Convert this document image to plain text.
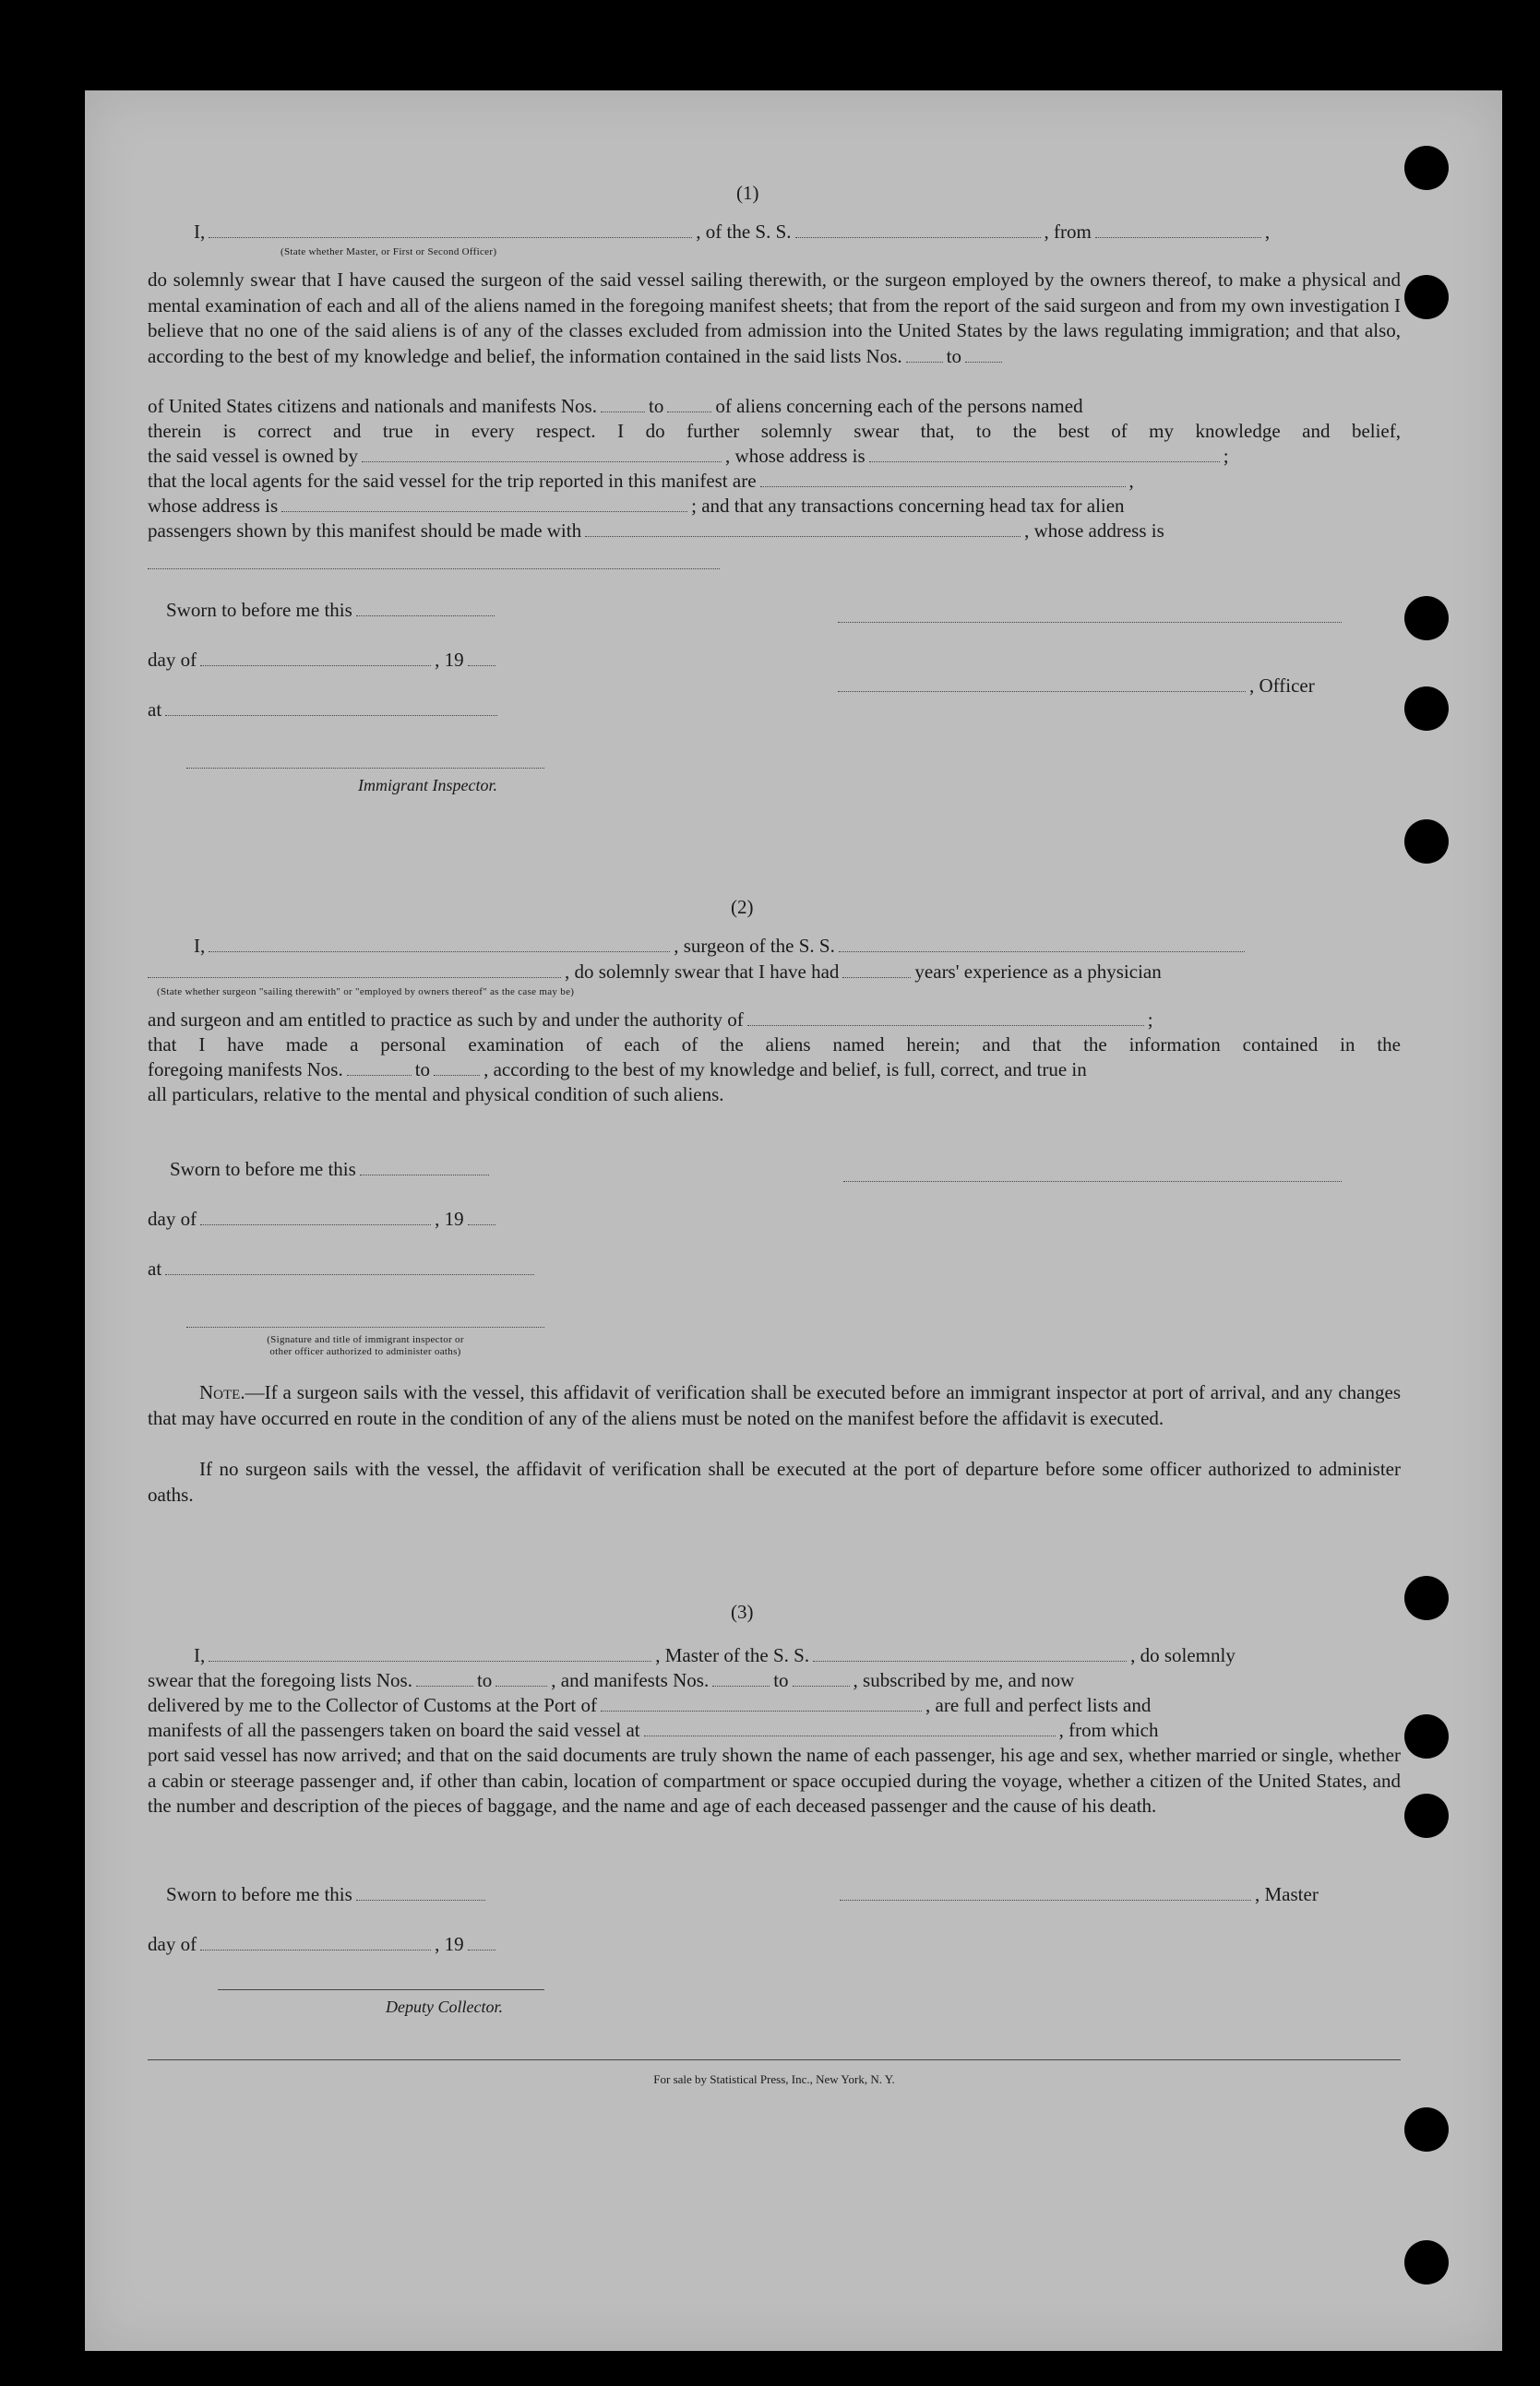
(1)
I,	, of the S. S.	, from	,
(State whether Master, or First or Second Officer)
do solemnly swear that I have caused the surgeon of the said vessel sailing therewith, or the surgeon employed by the owners thereof, to make a physical and mental examination of each and all of the aliens named in the foregoing manifest sheets; that from the report of the said surgeon and from my own investigation I believe that no one of the said aliens is of any of the classes excluded from admission into the United States by the laws regulating immigration; and that also, according to the best of my knowledge and belief, the information contained in the said lists Nos. to
of United States citizens and nationals and manifests Nos.	to	of aliens concerning each of the persons named
therein is correct and true in every respect. I do further solemnly swear that, to the best of my knowledge and belief,
the said vessel is owned by	, whose address is	;
that the local agents for the said vessel for the trip reported in this manifest are	,
whose address is	; and that any transactions concerning head tax for alien
passengers shown by this manifest should be made with	, whose address is
Sworn to before me this
day of	, 19
, Officer
at
Immigrant Inspector.
(2)
I,	, surgeon of the S. S.
, do solemnly swear that I have had	years' experience as a physician
(State whether surgeon "sailing therewith" or "employed by owners thereof" as the case may be)
and surgeon and am entitled to practice as such by and under the authority of	;
that I have made a personal examination of each of the aliens named herein; and that the information contained in the
foregoing manifests Nos.	to	, according to the best of my knowledge and belief, is full, correct, and true in
all particulars, relative to the mental and physical condition of such aliens.
Sworn to before me this
day of	, 19
at
(Signature and title of immigrant inspector or
other officer authorized to administer oaths)
Note.—If a surgeon sails with the vessel, this affidavit of verification shall be executed before an immigrant inspector at port of arrival, and any changes that may have occurred en route in the condition of any of the aliens must be noted on the manifest before the affidavit is executed.
If no surgeon sails with the vessel, the affidavit of verification shall be executed at the port of departure before some officer authorized to administer oaths.
(3)
I,	, Master of the S. S.	, do solemnly
swear that the foregoing lists Nos.	to	, and manifests Nos.	to	, subscribed by me, and now
delivered by me to the Collector of Customs at the Port of	, are full and perfect lists and
manifests of all the passengers taken on board the said vessel at	, from which
port said vessel has now arrived; and that on the said documents are truly shown the name of each passenger, his age and sex, whether married or single, whether a cabin or steerage passenger and, if other than cabin, location of compartment or space occupied during the voyage, whether a citizen of the United States, and the number and description of the pieces of baggage, and the name and age of each deceased passenger and the cause of his death.
Sworn to before me this	, Master
day of	, 19
Deputy Collector.
For sale by Statistical Press, Inc., New York, N. Y.
